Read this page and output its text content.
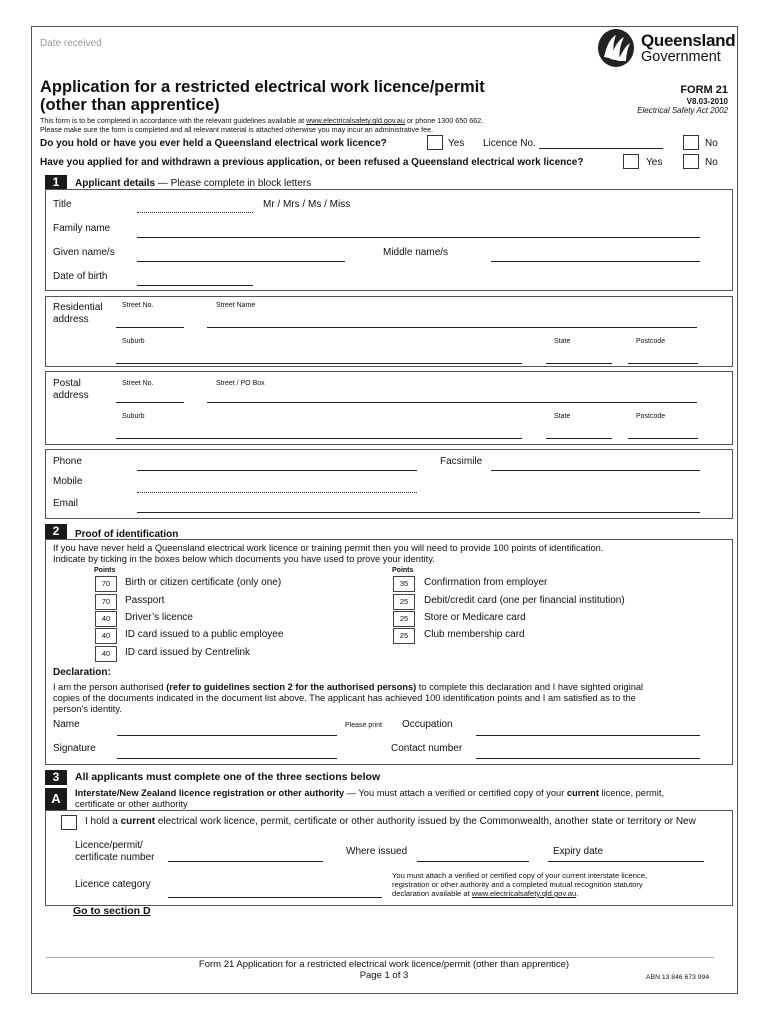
Date received	Queensland
Government
Application for a restricted electrical work licence/permit
(other than apprentice)
FORM 21
V8.03-2010
Electrical Safety Act 2002
This form is to be completed in accordance with the relevant guidelines available at www.electricalsafety.qld.gov.au or phone 1300 650 662.
Please make sure the form is completed and all relevant material is attached otherwise you may incur an administrative fee.
Do you hold or have you ever held a Queensland electrical work licence?	Yes Licence No.	No
Have you applied for and withdrawn a previous application, or been refused a Queensland electrical work licence?	Yes	No
1	Applicant details — Please complete in block letters
Title	Mr / Mrs / Ms / Miss
Family name
Given name/s	Middle name/s
Date of birth
Residential
address
Street No.	Street Name
Suburb	State	Postcode
Postal
address
Street No.	Street / PO Box
Suburb	State	Postcode
Phone	Facsimile
Mobile
Email
2	Proof of identification
If you have never held a Queensland electrical work licence or training permit then you will need to provide 100 points of identification.
Indicate by ticking in the boxes below which documents you have used to prove your identity.
Points	Points
70	Birth or citizen certificate (only one)
70	Passport
40	Driver’s licence
40	ID card issued to a public employee
40	ID card issued by Centrelink
35	Confirmation from employer
25	Debit/credit card (one per financial institution)
25	Store or Medicare card
25	Club membership card
Declaration:
I am the person authorised (refer to guidelines section 2 for the authorised persons) to complete this declaration and I have sighted original
copies of the documents indicated in the document list above. The applicant has achieved 100 identification points and I am satisfied as to the
person’s identity.
Name	Please print Occupation
Signature	Contact number
3	All applicants must complete one of the three sections below
A	Interstate/New Zealand licence registration or other authority — You must attach a verified or certified copy of your current licence, permit,
certificate or other authority
I hold a current electrical work licence, permit, certificate or other authority issued by the Commonwealth, another state or territory or New
Licence/permit/
certificate number
Where issued	Expiry date
Licence category
You must attach a verified or certified copy of your current interstate licence,
registration or other authority and a completed mutual recognition statutory
declaration available at www.electricalsafety.qld.gov.au.
Go to section D
Form 21 Application for a restricted electrical work licence/permit (other than apprentice)
Page 1 of 3	ABN 13 846 673 994
